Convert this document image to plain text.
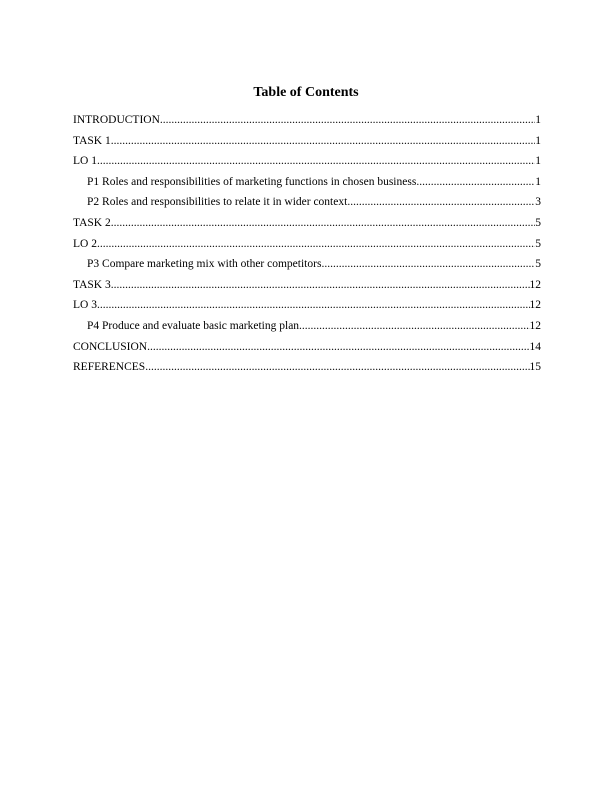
Table of Contents
INTRODUCTION .....	1
TASK 1 .....	1
LO 1 .....	1
P1 Roles and responsibilities of marketing functions in chosen business .....	1
P2 Roles and responsibilities to relate it in wider context .....	3
TASK 2 .....	5
LO 2 .....	5
P3 Compare marketing mix with other competitors .....	5
TASK 3 .....	12
LO 3 .....	12
P4 Produce and evaluate basic marketing plan .....	12
CONCLUSION .....	14
REFERENCES .....	15
